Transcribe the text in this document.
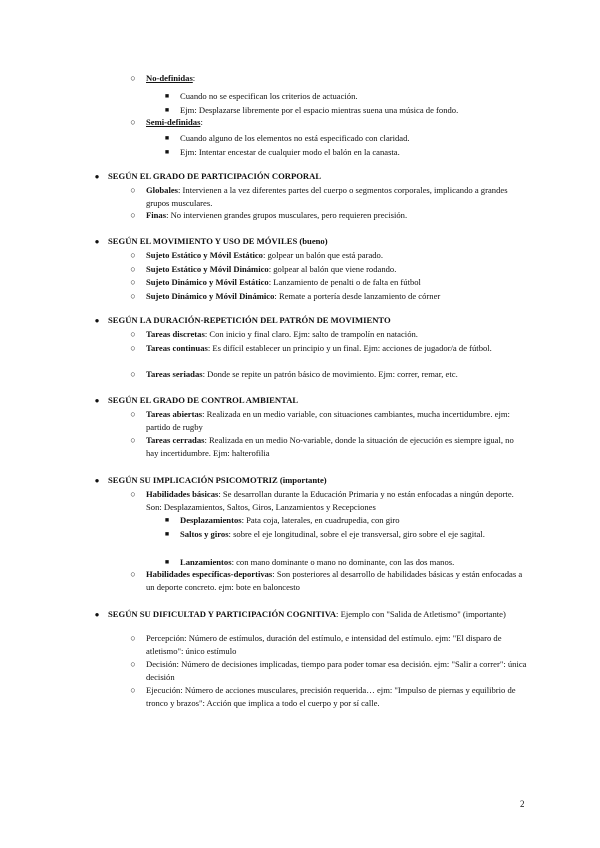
○ No-definidas:
■	Cuando no se especifican los criterios de actuación.
■	Ejm: Desplazarse libremente por el espacio mientras suena una música de fondo.
○ Semi-definidas:
■	Cuando alguno de los elementos no está especificado con claridad.
■	Ejm: Intentar encestar de cualquier modo el balón en la canasta.
● SEGÚN EL GRADO DE PARTICIPACIÓN CORPORAL
○ Globales: Intervienen a la vez diferentes partes del cuerpo o segmentos corporales, implicando a grandes grupos musculares.
○ Finas: No intervienen grandes grupos musculares, pero requieren precisión.
● SEGÚN EL MOVIMIENTO Y USO DE MÓVILES (bueno)
○ Sujeto Estático y Móvil Estático: golpear un balón que está parado.
○ Sujeto Estático y Móvil Dinámico: golpear al balón que viene rodando.
○ Sujeto Dinámico y Móvil Estático: Lanzamiento de penalti o de falta en fútbol
○ Sujeto Dinámico y Móvil Dinámico: Remate a portería desde lanzamiento de córner
● SEGÚN LA DURACIÓN-REPETICIÓN DEL PATRÓN DE MOVIMIENTO
○ Tareas discretas: Con inicio y final claro. Ejm: salto de trampolín en natación.
○ Tareas continuas: Es difícil establecer un principio y un final. Ejm: acciones de jugador/a de fútbol.
○ Tareas seriadas: Donde se repite un patrón básico de movimiento. Ejm: correr, remar, etc.
● SEGÚN EL GRADO DE CONTROL AMBIENTAL
○ Tareas abiertas: Realizada en un medio variable, con situaciones cambiantes, mucha incertidumbre. ejm: partido de rugby
○ Tareas cerradas: Realizada en un medio No-variable, donde la situación de ejecución es siempre igual, no hay incertidumbre. Ejm: halterofilia
● SEGÚN SU IMPLICACIÓN PSICOMOTRIZ (importante)
○ Habilidades básicas: Se desarrollan durante la Educación Primaria y no están enfocadas a ningún deporte. Son: Desplazamientos, Saltos, Giros, Lanzamientos y Recepciones
■	Desplazamientos: Pata coja, laterales, en cuadrupedia, con giro
■	Saltos y giros: sobre el eje longitudinal, sobre el eje transversal, giro sobre el eje sagital.
■	Lanzamientos: con mano dominante o mano no dominante, con las dos manos.
○ Habilidades específicas-deportivas: Son posteriores al desarrollo de habilidades básicas y están enfocadas a un deporte concreto. ejm: bote en baloncesto
● SEGÚN SU DIFICULTAD Y PARTICIPACIÓN COGNITIVA: Ejemplo con "Salida de Atletismo" (importante)
○ Percepción: Número de estímulos, duración del estímulo, e intensidad del estímulo. ejm: "El disparo de atletismo": único estímulo
○ Decisión: Número de decisiones implicadas, tiempo para poder tomar esa decisión. ejm: "Salir a correr": única decisión
○ Ejecución: Número de acciones musculares, precisión requerida… ejm: "Impulso de piernas y equilibrio de tronco y brazos": Acción que implica a todo el cuerpo y por sí calle.
2
